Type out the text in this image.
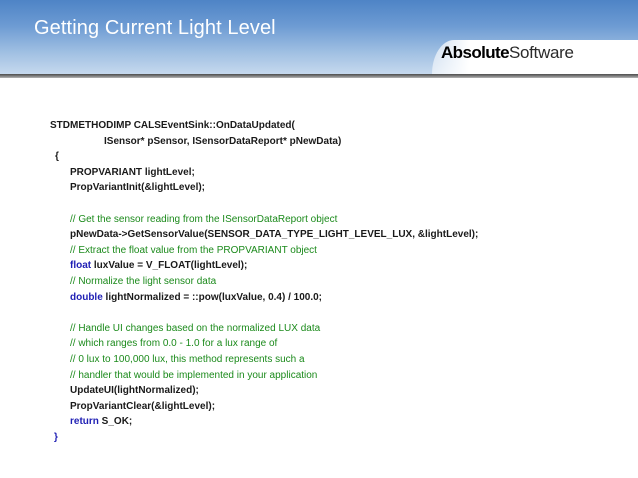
Getting Current Light Level
AbsoluteSoftware
STDMETHODIMP CALSEventSink::OnDataUpdated(
ISensor* pSensor, ISensorDataReport* pNewData)
{
PROPVARIANT lightLevel;
PropVariantInit(&lightLevel);
// Get the sensor reading from the ISensorDataReport object
pNewData->GetSensorValue(SENSOR_DATA_TYPE_LIGHT_LEVEL_LUX, &lightLevel);
// Extract the float value from the PROPVARIANT object
float luxValue = V_FLOAT(lightLevel);
// Normalize the light sensor data
double lightNormalized = ::pow(luxValue, 0.4) / 100.0;
// Handle UI changes based on the normalized LUX data
// which ranges from 0.0 - 1.0 for a lux range of
// 0 lux to 100,000 lux, this method represents such a
// handler that would be implemented in your application
UpdateUI(lightNormalized);
PropVariantClear(&lightLevel);
return S_OK;
}
